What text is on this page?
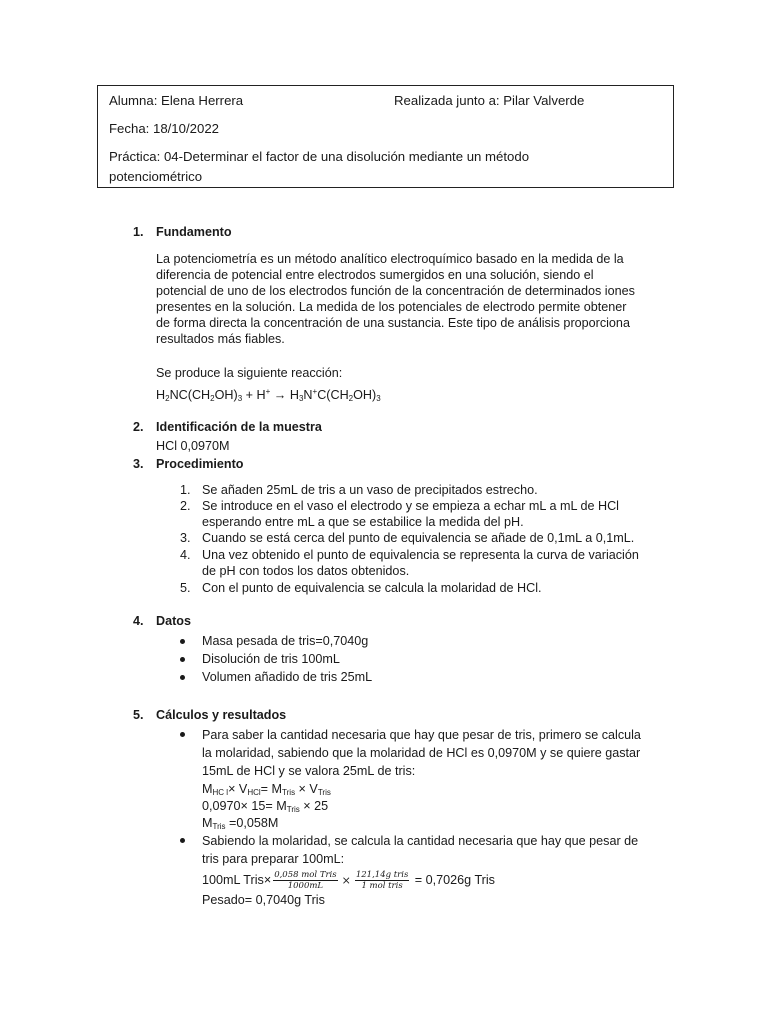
Alumna: Elena Herrera	Realizada junto a: Pilar Valverde
Fecha: 18/10/2022
Práctica: 04-Determinar el factor de una disolución mediante un método
potenciométrico
1. Fundamento
La potenciometría es un método analítico electroquímico basado en la medida de la
diferencia de potencial entre electrodos sumergidos en una solución, siendo el
potencial de uno de los electrodos función de la concentración de determinados iones
presentes en la solución. La medida de los potenciales de electrodo permite obtener
de forma directa la concentración de una sustancia. Este tipo de análisis proporciona
resultados más fiables.
Se produce la siguiente reacción:
$H_2NC(CH_2OH)_3 + H^+ \to H_3N^+C(CH_2OH)_3$
2. Identificación de la muestra
HCl 0,0970M
3. Procedimiento
1. Se añaden 25mL de tris a un vaso de precipitados estrecho.
2. Se introduce en el vaso el electrodo y se empieza a echar mL a mL de HCl
esperando entre mL a que se estabilice la medida del pH.
3. Cuando se está cerca del punto de equivalencia se añade de 0,1mL a 0,1mL.
4. Una vez obtenido el punto de equivalencia se representa la curva de variación
de pH con todos los datos obtenidos.
5. Con el punto de equivalencia se calcula la molaridad de HCl.
4. Datos
Masa pesada de tris=0,7040g
Disolución de tris 100mL
Volumen añadido de tris 25mL
5. Cálculos y resultados
Para saber la cantidad necesaria que hay que pesar de tris, primero se calcula
la molaridad, sabiendo que la molaridad de HCl es 0,0970M y se quiere gastar
15mL de HCl y se valora 25mL de tris:
$M_{HC l}\times V_{HCl}= M_{Tris} \times V_{Tris}$
$0,0970\times 15= M_{Tris} \times 25$
$M_{Tris} =0,058M$
Sabiendo la molaridad, se calcula la cantidad necesaria que hay que pesar de
tris para preparar 100mL:
100mL Tris× $\frac{\text{0,058 mol Tris}}{1000mL} \times \frac{\text{121,14g tris}}{\text{1 mol tris}} = 0,7026g$ Tris
Pesado= 0,7040g Tris
